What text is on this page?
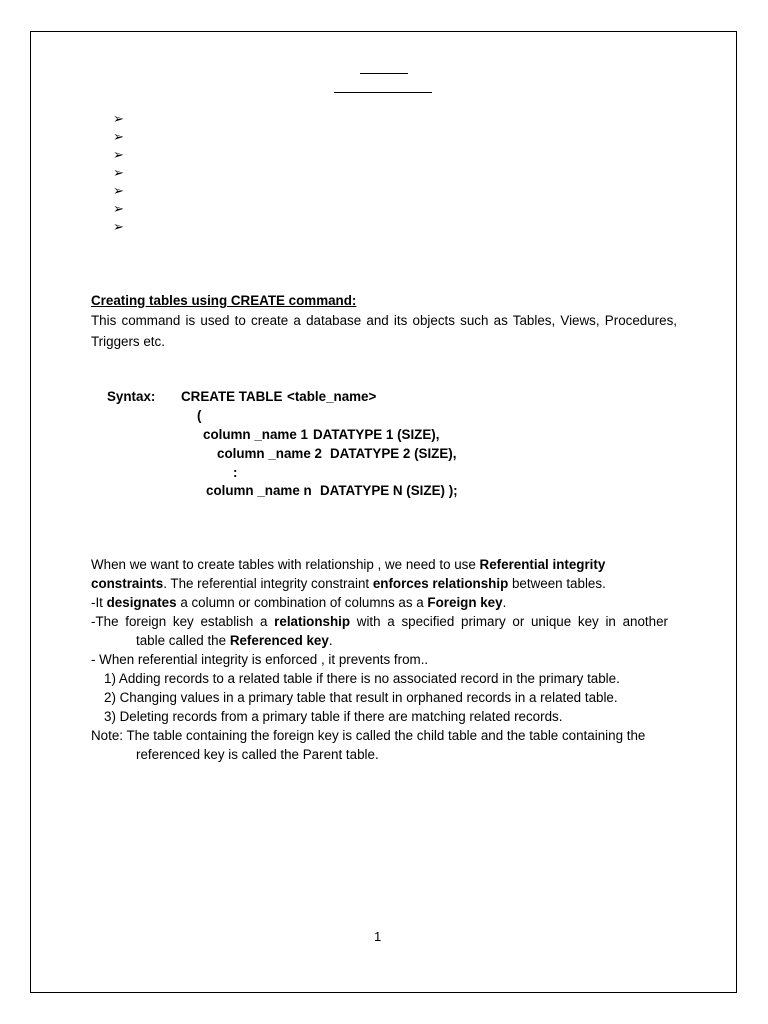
➢
➢
➢
➢
➢
➢
➢
Creating tables using CREATE command:
This command is used to create a database and its objects such as Tables, Views, Procedures,
Triggers etc.
Syntax: CREATE TABLE <table_name>
(
column _name 1 DATATYPE 1 (SIZE),
column _name 2 DATATYPE 2 (SIZE),
:
column _name n DATATYPE N (SIZE) );
When we want to create tables with relationship , we need to use Referential integrity
constraints. The referential integrity constraint enforces relationship between tables.
-It designates a column or combination of columns as a Foreign key.
-The foreign key establish a relationship with a specified primary or unique key in another
table called the Referenced key.
- When referential integrity is enforced , it prevents from..
1) Adding records to a related table if there is no associated record in the primary table.
2) Changing values in a primary table that result in orphaned records in a related table.
3) Deleting records from a primary table if there are matching related records.
Note: The table containing the foreign key is called the child table and the table containing the
referenced key is called the Parent table.
1
